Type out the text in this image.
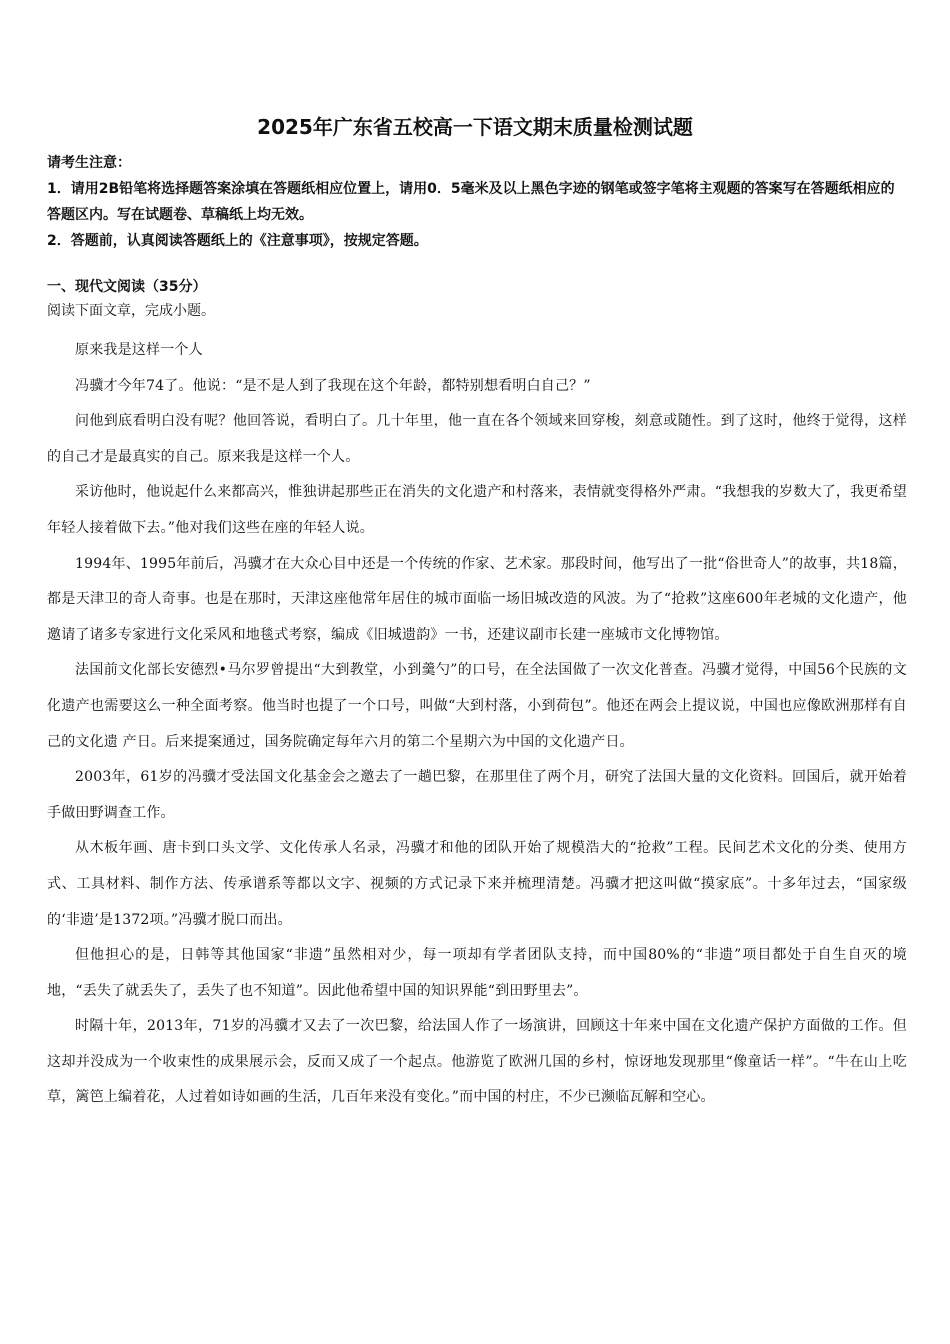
2025年广东省五校高一下语文期末质量检测试题

请考生注意：

1．请用2B铅笔将选择题答案涂填在答题纸相应位置上，请用0．5毫米及以上黑色字迹的钢笔或签字笔将主观题的答案写在答题纸相应的答题区内。写在试题卷、草稿纸上均无效。

2．答题前，认真阅读答题纸上的《注意事项》，按规定答题。

一、现代文阅读（35分）
阅读下面文章，完成小题。

原来我是这样一个人

冯骥才今年74了。他说：“是不是人到了我现在这个年龄，都特别想看明白自己？”

问他到底看明白没有呢？他回答说，看明白了。几十年里，他一直在各个领域来回穿梭，刻意或随性。到了这时，他终于觉得，这样的自己才是最真实的自己。原来我是这样一个人。

采访他时，他说起什么来都高兴，惟独讲起那些正在消失的文化遗产和村落来，表情就变得格外严肃。“我想我的岁数大了，我更希望年轻人接着做下去。”他对我们这些在座的年轻人说。

1994年、1995年前后，冯骥才在大众心目中还是一个传统的作家、艺术家。那段时间，他写出了一批“俗世奇人”的故事，共18篇，都是天津卫的奇人奇事。也是在那时，天津这座他常年居住的城市面临一场旧城改造的风波。为了“抢救”这座600年老城的文化遗产，他邀请了诸多专家进行文化采风和地毯式考察，编成《旧城遗韵》一书，还建议副市长建一座城市文化博物馆。

法国前文化部长安德烈•马尔罗曾提出“大到教堂，小到羹勺”的口号，在全法国做了一次文化普查。冯骥才觉得，中国56个民族的文化遗产也需要这么一种全面考察。他当时也提了一个口号，叫做“大到村落，小到荷包”。他还在两会上提议说，中国也应像欧洲那样有自己的文化遗 产日。后来提案通过，国务院确定每年六月的第二个星期六为中国的文化遗产日。

2003年，61岁的冯骥才受法国文化基金会之邀去了一趟巴黎，在那里住了两个月，研究了法国大量的文化资料。回国后，就开始着手做田野调查工作。

从木板年画、唐卡到口头文学、文化传承人名录，冯骥才和他的团队开始了规模浩大的“抢救”工程。民间艺术文化的分类、使用方式、工具材料、制作方法、传承谱系等都以文字、视频的方式记录下来并梳理清楚。冯骥才把这叫做“摸家底”。十多年过去，“国家级的‘非遗’是1372项。”冯骥才脱口而出。

但他担心的是，日韩等其他国家“非遗”虽然相对少，每一项却有学者团队支持，而中国80%的“非遗”项目都处于自生自灭的境地，“丢失了就丢失了，丢失了也不知道”。因此他希望中国的知识界能“到田野里去”。

时隔十年，2013年，71岁的冯骥才又去了一次巴黎，给法国人作了一场演讲，回顾这十年来中国在文化遗产保护方面做的工作。但这却并没成为一个收束性的成果展示会，反而又成了一个起点。他游览了欧洲几国的乡村，惊讶地发现那里“像童话一样”。“牛在山上吃草，篱笆上编着花，人过着如诗如画的生活，几百年来没有变化。”而中国的村庄，不少已濒临瓦解和空心。
